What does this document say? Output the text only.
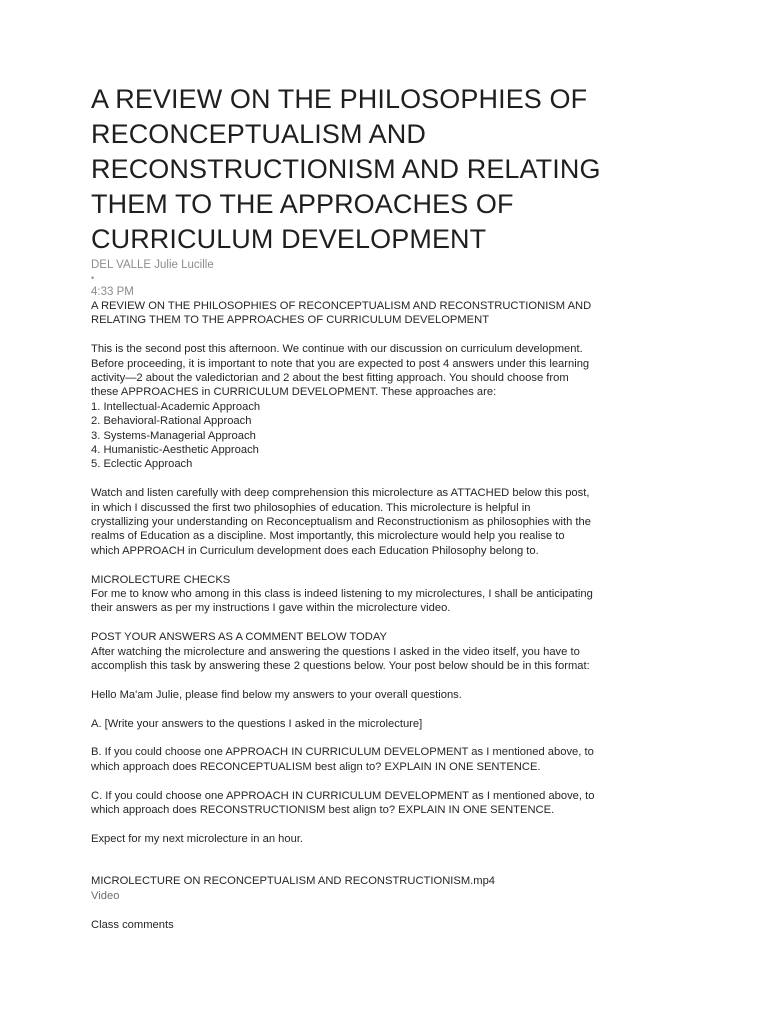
A REVIEW ON THE PHILOSOPHIES OF
RECONCEPTUALISM AND
RECONSTRUCTIONISM AND RELATING
THEM TO THE APPROACHES OF
CURRICULUM DEVELOPMENT
DEL VALLE Julie Lucille
•
4:33 PM

A REVIEW ON THE PHILOSOPHIES OF RECONCEPTUALISM AND RECONSTRUCTIONISM AND

RELATING THEM TO THE APPROACHES OF CURRICULUM DEVELOPMENT

This is the second post this afternoon. We continue with our discussion on curriculum development.

Before proceeding, it is important to note that you are expected to post 4 answers under this learning

activity—2 about the valedictorian and 2 about the best fitting approach. You should choose from

these APPROACHES in CURRICULUM DEVELOPMENT. These approaches are:

1. Intellectual-Academic Approach

2. Behavioral-Rational Approach

3. Systems-Managerial Approach

4. Humanistic-Aesthetic Approach

5. Eclectic Approach

Watch and listen carefully with deep comprehension this microlecture as ATTACHED below this post,

in which I discussed the first two philosophies of education. This microlecture is helpful in

crystallizing your understanding on Reconceptualism and Reconstructionism as philosophies with the

realms of Education as a discipline. Most importantly, this microlecture would help you realise to

which APPROACH in Curriculum development does each Education Philosophy belong to.

MICROLECTURE CHECKS

For me to know who among in this class is indeed listening to my microlectures, I shall be anticipating

their answers as per my instructions I gave within the microlecture video.

POST YOUR ANSWERS AS A COMMENT BELOW TODAY

After watching the microlecture and answering the questions I asked in the video itself, you have to

accomplish this task by answering these 2 questions below. Your post below should be in this format:

Hello Ma'am Julie, please find below my answers to your overall questions.

A. [Write your answers to the questions I asked in the microlecture]

B. If you could choose one APPROACH IN CURRICULUM DEVELOPMENT as I mentioned above, to

which approach does RECONCEPTUALISM best align to? EXPLAIN IN ONE SENTENCE.

C. If you could choose one APPROACH IN CURRICULUM DEVELOPMENT as I mentioned above, to

which approach does RECONSTRUCTIONISM best align to? EXPLAIN IN ONE SENTENCE.

Expect for my next microlecture in an hour.

MICROLECTURE ON RECONCEPTUALISM AND RECONSTRUCTIONISM.mp4

Video

Class comments
